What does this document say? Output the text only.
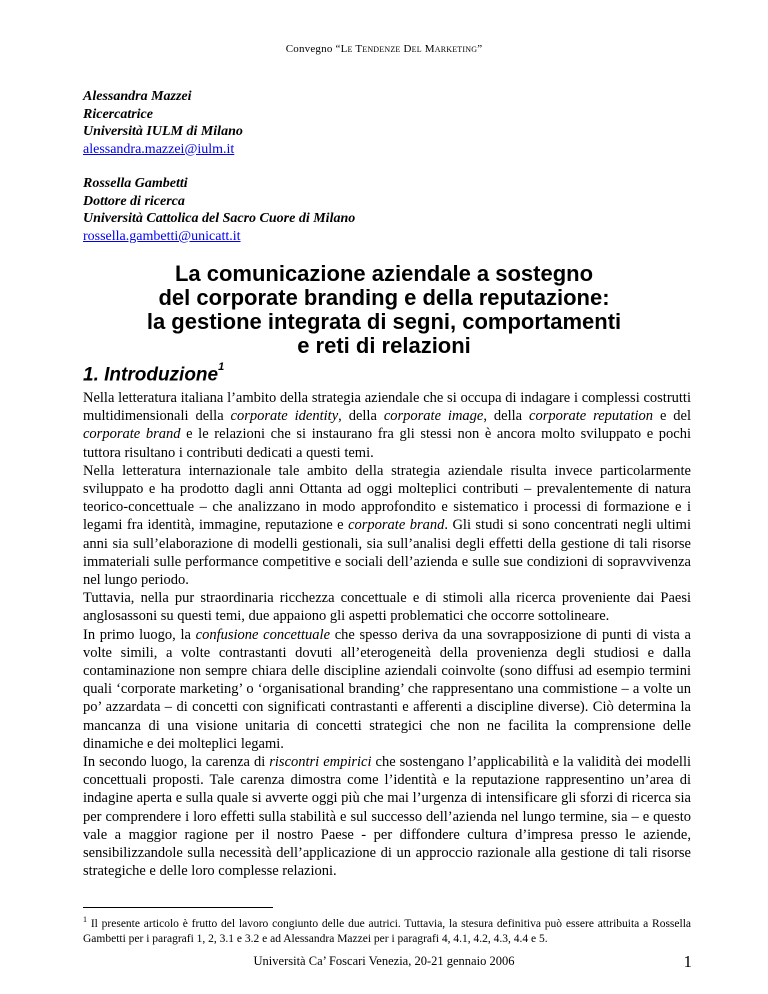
Convegno “Le Tendenze Del Marketing”
Alessandra Mazzei
Ricercatrice
Università IULM di Milano
alessandra.mazzei@iulm.it
Rossella Gambetti
Dottore di ricerca
Università Cattolica del Sacro Cuore di Milano
rossella.gambetti@unicatt.it
La comunicazione aziendale a sostegno
del corporate branding e della reputazione:
la gestione integrata di segni, comportamenti
e reti di relazioni
1. Introduzione$^1$

Nella letteratura italiana l’ambito della strategia aziendale che si occupa di indagare i complessi costrutti multidimensionali della corporate identity, della corporate image, della corporate reputation e del corporate brand e le relazioni che si instaurano fra gli stessi non è ancora molto sviluppato e pochi tuttora risultano i contributi dedicati a questi temi.

Nella letteratura internazionale tale ambito della strategia aziendale risulta invece particolarmente sviluppato e ha prodotto dagli anni Ottanta ad oggi molteplici contributi – prevalentemente di natura teorico-concettuale – che analizzano in modo approfondito e sistematico i processi di formazione e i legami fra identità, immagine, reputazione e corporate brand. Gli studi si sono concentrati negli ultimi anni sia sull’elaborazione di modelli gestionali, sia sull’analisi degli effetti della gestione di tali risorse immateriali sulle performance competitive e sociali dell’azienda e sulle sue condizioni di sopravvivenza nel lungo periodo.

Tuttavia, nella pur straordinaria ricchezza concettuale e di stimoli alla ricerca proveniente dai Paesi anglosassoni su questi temi, due appaiono gli aspetti problematici che occorre sottolineare.

In primo luogo, la confusione concettuale che spesso deriva da una sovrapposizione di punti di vista a volte simili, a volte contrastanti dovuti all’eterogeneità della provenienza degli studiosi e dalla contaminazione non sempre chiara delle discipline aziendali coinvolte (sono diffusi ad esempio termini quali ‘corporate marketing’ o ‘organisational branding’ che rappresentano una commistione – a volte un po’ azzardata – di concetti con significati contrastanti e afferenti a discipline diverse). Ciò determina la mancanza di una visione unitaria di concetti strategici che non ne facilita la comprensione delle dinamiche e dei molteplici legami.

In secondo luogo, la carenza di riscontri empirici che sostengano l’applicabilità e la validità dei modelli concettuali proposti. Tale carenza dimostra come l’identità e la reputazione rappresentino un’area di indagine aperta e sulla quale si avverte oggi più che mai l’urgenza di intensificare gli sforzi di ricerca sia per comprendere i loro effetti sulla stabilità e sul successo dell’azienda nel lungo termine, sia – e questo vale a maggior ragione per il nostro Paese - per diffondere cultura d’impresa presso le aziende, sensibilizzandole sulla necessità dell’applicazione di un approccio razionale alla gestione di tali risorse strategiche e delle loro complesse relazioni.

$^1$ Il presente articolo è frutto del lavoro congiunto delle due autrici. Tuttavia, la stesura definitiva può essere attribuita a Rossella Gambetti per i paragrafi 1, 2, 3.1 e 3.2 e ad Alessandra Mazzei per i paragrafi 4, 4.1, 4.2, 4.3, 4.4 e 5.
Università Ca’ Foscari Venezia, 20-21 gennaio 2006	1
